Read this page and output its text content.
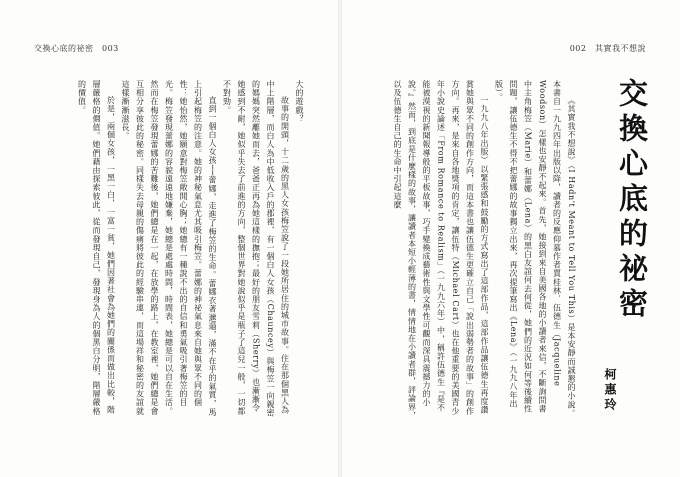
交換心底的祕密　003

大的遊戲？

故事的開頭，十二歲的黑人女孩梅笠說了一段她所居住的城市故事。住在那個黑人為中上階層，而白人為中低收入戶的郡裡，有一個白人女孩（Chauncey）與梅笠一向親密的媽媽突然離她而去，爸爸正再為她這樣的撫抱；最好的朋友雪莉（Sherry）也漸漸令她感到不耐，她似乎失去了前進的方向，整個世界對她說似乎是瓶子了這兒一般，一切都不對勁。

直到一個白人女孩──蕾娜，走進了梅笠的生命。蕾娜衣著邋遢，滿不在乎的氣質，馬上引起梅笠的注意。她的神秘氣息尤其吸引梅笠。蕾娜的神祕氣息來自她與眾不同的個性：她怡然，她願意對梅笠敞開心胸；她總有一種說不出的自信和勇氣吸引著梅笠的目光。梅笠發現蕾娜的容貌遠遠地嫌棄，她總是處處時間，時間表，她總是可以自在生活。然而在梅笠發現蕾娜的苦難後，她們總是在一起，在放學的路上，在教室裡，她們總是會互相分享彼此的秘密。同樣失去母親的傷痛將彼此的經驗串連，而這場祥和秘密的友誼就這樣漸漸滋長。

於是，兩個女孩，一黑一白，一富一貧，她們因著社會為她們的關係而做出比較，階層嚴格的價值。她們藉由探索彼此，從而發現自己，發現身為人的個黑白分明，階層嚴格的價值。

002　其實我不想說
交換心底的祕密
柯惠玲

《其實我不想說》（I Hadn't Meant to Tell You This）是本安靜而誠懇的小說。本書自一九九四年出版以降，讀者的反應仰慕作者賈桂林．伍德生（Jacqueline Woodson）怎樣也安靜不起來。首先，她接到來自美國各地的小讀者來信，不斷詢問書中主角梅笠（Marie）和蕾娜（Lena）的黑白友誼何去何從，她們的近況如何等後續性問題，讓伍德生不得不把蕾娜的故事獨立出來，再次提筆寫出《Lena》（一九九八年出版）。

一九九八年出版）以緊張感和鼓勵的方式寫出了這部作品，這部作品讓伍德生再度讚賞她與眾不同的創作方向，而這本書也讓伍德生更確立自己「說出弱勢者的故事」的創作方向。再來，是來自各地獎項的肯定，讓伍特（Michael Cart）也在他重要的美國青少年小說史論述「From Romance to Realism」（一九九六年）中，稱許伍德生『是不能被漠視的新聞報導般的平板故事，巧手變換成藝術性與文學性可觀而深具震撼力的小說。』然而，到底是什麼樣的故事，讓讀者本短小輕薄的書，情情地在小讀者群，評論界，以及伍德生自己的生命中引起這麼
